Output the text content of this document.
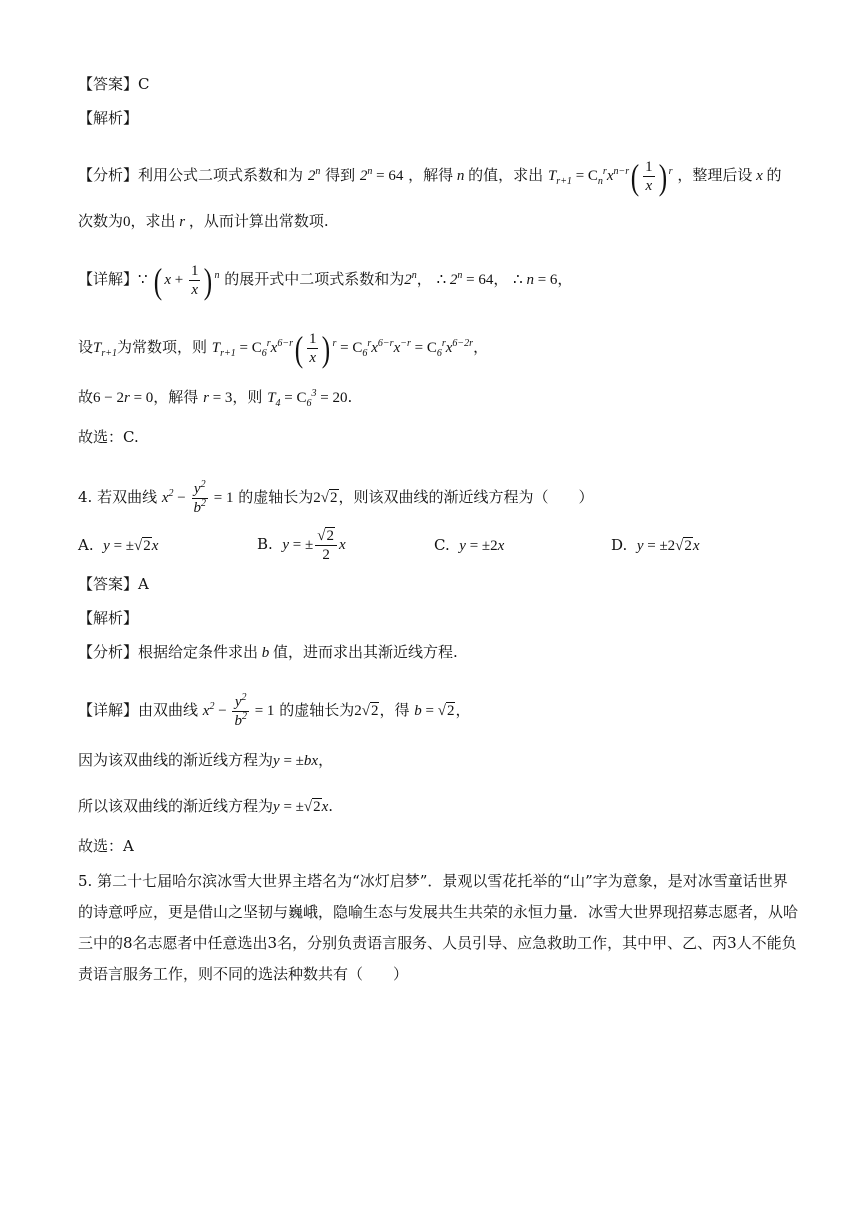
【答案】C
【解析】
【分析】利用公式二项式系数和为 2$^n$ 得到 $2^n = 64$ ，解得 n 的值，求出 $T_{r+1} = C_n^rx^{n-r}( \frac{1}{x}$ ) $^r$ ，整理后设 x 的
次数为0，求出 r ，从而计算出常数项.
【详解】∵ ( $x + \frac{1}{x}$ ) $^n$ 的展开式中二项式系数和为2$^n$， ∴ $2^n = 64$， ∴ n = 6，
设$T_{r+1}$为常数项，则 $T_{r+1} = C_6^rx^{6-r}( \frac{1}{x}$ ) $^r = C_6^rx^{6-r}x^{-r} = C_6^rx^{6-2r}$，
故6 − 2r = 0，解得 r = 3，则 $T_4 = C_6^3 = 20$.
故选：C.
4. 若双曲线 $x^2 - \frac{y^2}{b^2} = 1$ 的虚轴长为2√2，则该双曲线的渐近线方程为（　　）
A. y = ±√2x	B. y = ± $\frac{√2}{2}$ x	C. y = ±2x	D. y = ±2√2x
【答案】A
【解析】
【分析】根据给定条件求出 b 值，进而求出其渐近线方程.
【详解】由双曲线 $x^2 - \frac{y^2}{b^2} = 1$ 的虚轴长为2√2，得 b = √2，
因为该双曲线的渐近线方程为y = ±bx，
所以该双曲线的渐近线方程为y = ±√2x.
故选：A
5. 第二十七届哈尔滨冰雪大世界主塔名为“冰灯启梦”．景观以雪花托举的“山”字为意象，是对冰雪童话世界的诗意呼应，更是借山之坚韧与巍峨，隐喻生态与发展共生共荣的永恒力量．冰雪大世界现招募志愿者，从哈三中的8名志愿者中任意选出3名，分别负责语言服务、人员引导、应急救助工作，其中甲、乙、丙3人不能负责语言服务工作，则不同的选法种数共有（　　）
